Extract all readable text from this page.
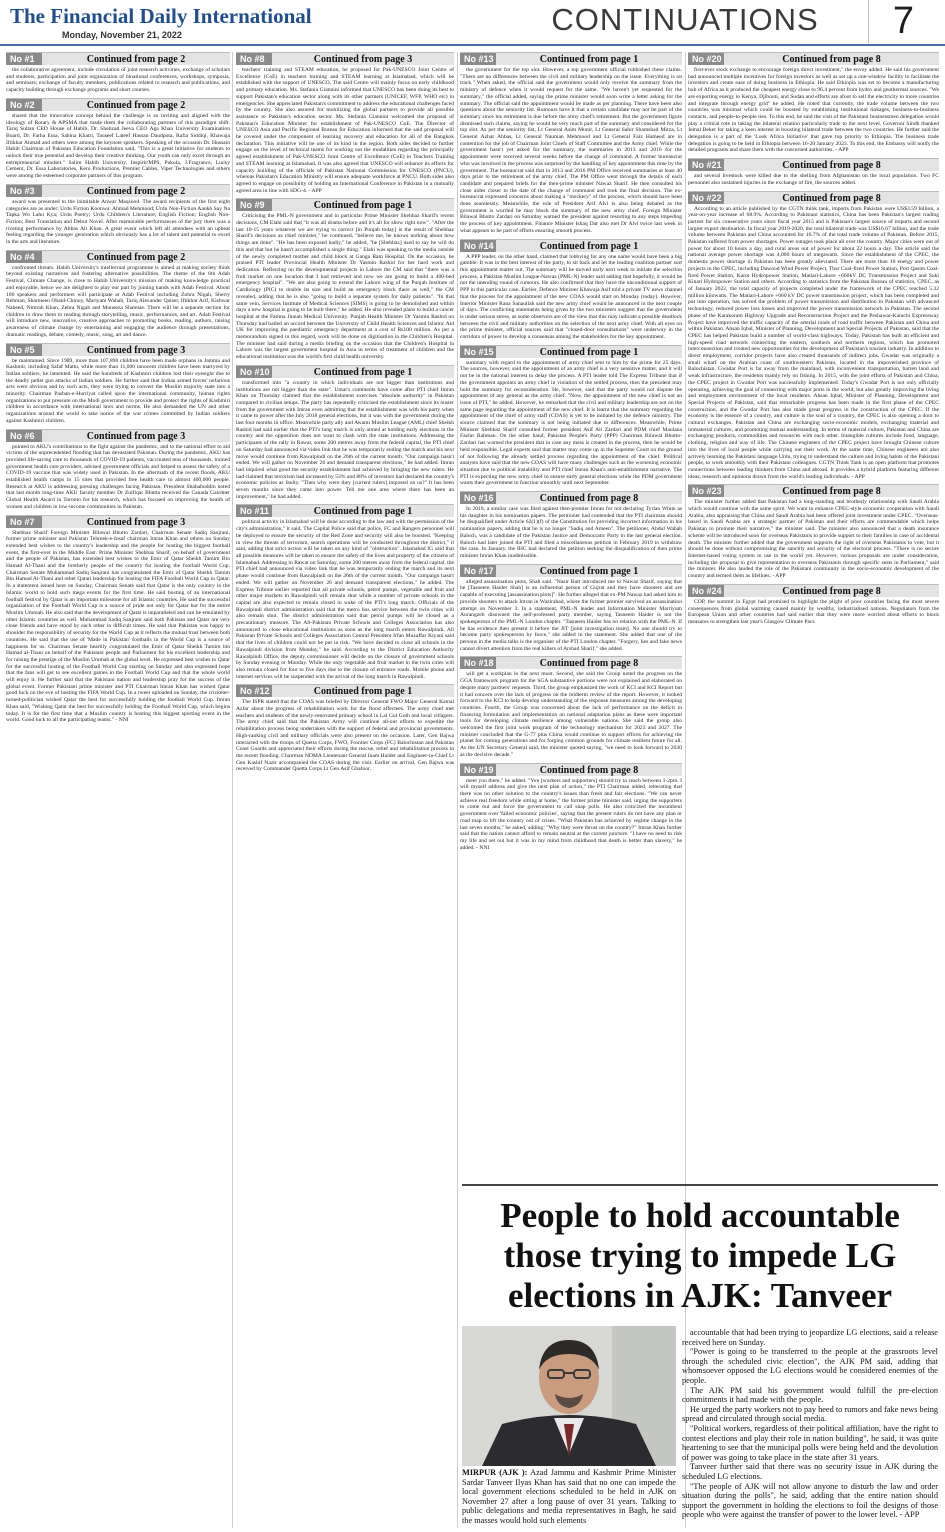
The Financial Daily International
Monday, November 21, 2022	CONTINUATIONS	7
No #1	Continued from page 2

the collaborative agreement, include circulation of joint research activities, exchange of scholars and students, participation and joint organization of binational conferences, workshops, symposia, and seminars; exchange of faculty members, publications related to research and publications, and capacity building through exchange programs and short courses.

No #2	Continued from page 2

shared that the innovative concept behind the challenge is so inviting and aligned with the ideology of Rotary & APSMA that made them the collaborating partners of this paradigm shift. Tariq Sultan CEO House of Habib, Dr. Shehzad Jeeva CEO Aga Khan University Examination Board, Dr. Farha Essa, Sabina Khatri, Tauseef Lateef Hassan Daudpota, Rafia Siddiqi, Khawaja Iftikhar Ahmad and others were among the keynote speakers. Speaking of the occasion Dr. Hussain Habib Chairman of Pakistan Education Foundation said, "This is a great initiative for students to unlock their true potential and develop their creative thinking. Our youth can only excel through an entrepreneurial mindset." Salim Habib University, Inspirit/MPS, Pakola, J.Fragrance, Lucky Cement, Dr. Essa Laboratories, Kero Productions, Premier Cables, Viper Technologies and others were among the esteemed corporate partners of this program.

No #3	Continued from page 2

award was presented to the inimitable Anwar Maqsood. The award recipients of the first eight categories are as under: Urdu Fiction Koonwa: Ahmad Mehmood; Urdu Non-Fiction Aankh Say Na Tapka Wo Lahu Kya; Urdu Poetry; Urdu Children's Literature; English Fiction; English Non-Fiction; Best Translation and Debut Novel. After memorable performances of the jury there was a riveting performance by Abbas Ali Khan. A great event which left all attendees with an upbeat feeling regarding the younger generation which obviously has a lot of talent and potential to excel in the arts and literature.

No #4	Continued from page 2

confronted threats. Habib University's intellectual programme is aimed at making society think beyond existing narratives and fostering alternative possibilities. The theme of the 6th Adab Festival, Climate Change, is close to Habib University's mission of making knowledge practical and enjoyable, hence we are delighted to play our part by joining hands with Adab Festival. About 100 speakers and performers will participate at Adab Festival including Zohra Nigah, Sherry Rehman, Sharmeen Obaid-Chinoy, Mariyam Wahab, Tariq Alexander Qaiser, Iftikhar Arif, Kishwar Naheed, Nimrah Khan, Zehra Nigah and Muneeza Shamsie. There will be a separate section for children to draw them to reading through storytelling, music, performances, and art. Adab Festival will introduce new, innovative, creative approaches to promoting books, reading, authors, raising awareness of climate change by entertaining and engaging the audience through presentations, dramatic readings, debate, comedy, music, song, art and dance.

No #5	Continued from page 3

be maintained. Since 1989, more than 107,890 children have been made orphans in Jammu and Kashmir, including Safaf Mattu, while more than 11,000 innocent children have been martyred by Indian soldiers, he lamented. He said the hundreds of Kashmiri children lost their eyesight due to the deadly pellet gun attacks of Indian soldiers. He further said that Indian armed forces' nefarious acts were obvious and by such acts, they were trying to convert the Muslim majority state into a minority. Chairman Pasban-e-Hurriyat called upon the international community, human rights organizations to put pressure on the Modi government to provide and protect the rights of Kashmiri children in accordance with international laws and norms. He also demanded the UN and other organizations around the world to take notice of the war crimes committed by Indian soldiers against Kashmiri children.

No #6	Continued from page 3

pointed to AKU's contributions to the fight against the pandemic, and to the national effort to aid victims of the unprecedented flooding that has devastated Pakistan. During the pandemic, AKU has provided life-saving care to thousands of COVID-19 patients, vaccinated tens of thousands, trained government health care providers, advised government officials and helped to assess the safety of a COVID-19 vaccine that was widely used in Pakistan. In the aftermath of the recent floods, AKU established health camps in 15 sites that provided free health care to almost 400,000 people. Research at AKU is addressing pressing challenges facing Pakistan. President Shahabuddin noted that last month long-time AKU faculty member Dr Zulfiqar Bhutta received the Canada Gairdner Global Health Award in Toronto for his research, which has focused on improving the health of women and children in low-income communities in Pakistan.

No #7	Continued from page 3

Shehbaz Sharif Foreign Minister Bilawal Bhutto Zardari, Chairman Senate Sadiq Sanjrani, former prime minister and Pakistan Tehreek-e-Insaf chairman Imran Khan and others on Sunday extended best wishes to the country's leadership and the people for hosting the biggest football event, the first-ever in the Middle East. Prime Minister Shehbaz Sharif, on behalf of government and the people of Pakistan, has extended best wishes to the Emir of Qatar Sheikh Tamim Bin Hamad Al-Thani and the brotherly people of the country for hosting the football World Cup. Chairman Senate Muhammad Sadiq Sanjrani has congratulated the Emir of Qatar Sheikh Tamim Bin Hamad Al-Thani and other Qatari leadership for hosting the FIFA Football World Cup in Qatar. In a statement issued here on Sunday, Chairman Senate said that Qatar is the only country in the Islamic world to hold such mega events for the first time. He said hosting of an international football festival by Qatar is an important milestone for all Islamic countries. He said the successful organization of the Football World Cup is a source of pride not only for Qatar but for the entire Muslim Ummah. He also said that the development of Qatar is unparalleled and can be emulated by other Islamic countries as well. Muhammad Sadiq Sanjrani said both Pakistan and Qatar are very close friends and have stood by each other in difficult times. He said that Pakistan was happy to shoulder the responsibility of security for the World Cup as it reflects the mutual trust between both countries. He said that the use of 'Made in Pakistan' footballs in the World Cup is a source of happiness for us. Chairman Senate heartily congratulated the Emir of Qatar Sheikh Tamim bin Hamad al-Thani on behalf of the Pakistani people and Parliament for his excellent leadership and for raising the prestige of the Muslim Ummah at the global level. He expressed best wishes to Qatar for the successful hosting of the Football World Cup starting on Sunday and also expressed hope that the fans will get to see excellent games in the Football World Cup and that the whole world will enjoy it. He further said that the Pakistani nation and leadership pray for the success of the global event. Former Pakistani prime minister and PTI Chairman Imran Khan has wished Qatar good luck on the eve of hosting the FIFA World Cup. In a tweet uploaded on Sunday, the cricketer-turned-politician wished Qatar the best for successfully holding the football World Cup. Imran Khan said, "Wishing Qatar the best for successfully holding the Football World Cup, which begins today. It is for the first time that a Muslim country is hosting this biggest sporting event in the world. Good luck to all the participating teams." - NNI

No #8	Continued from page 3

teachers' training and STEAM education, he proposed for Pak-UNESCO Joint Centre of Excellence (CoE) in teachers training and STEAM learning at Islamabad, which will be established with the support of UNESCO. The said Centre will mainly focus on early childhood and primary education. Ms. Stefania Giannini informed that UNESCO has been doing its best to support Pakistan's education sector along with its other partners (UNICEF, WFP, WHO etc) in emergencies. She appreciated Pakistan's commitment to address the educational challenges faced by the country. She also assured for mobilizing the global partners to provide all possible assistance to Pakistan's education sector. Ms. Stefania Giannini welcomed the proposal of Pakistan's Education Minister for establishment of Pak-UNESCO CoE. The Director of UNESCO Asia and Pacific Regional Bureau for Education informed that the said proposal will be covered under the component of learning recovery and education for all of the Bangkok declaration. This initiative will be one of its kind in the region. Both sides decided to further engage on the level of technical teams for working out the modalities regarding the principally agreed establishment of Pak-UNESCO Joint Centre of Excellence (CoE) in Teachers Training and STEAM learning at Islamabad. It was also agreed that UNESCO will enhance its efforts for capacity building of the officials of Pakistan National Commission for UNESCO (PNCU), whereas Pakistan's Education Ministry will ensure adequate workforce at PNCU. Both sides also agreed to engage on possibility of holding an International Conference in Pakistan in a mutually agreed area in line with SDG-4. - APP

No #9	Continued from page 1

Criticising the PML-N government and in particular Prime Minister Shehbaz Sharif's recent decisions, CM Elahi said that "it was all drama before and it's all for show right now". "After the last 10-15 years whatever we are trying to correct [in Punjab today] is the result of Shehbaz Sharif's decisions as chief minister," he continued, "believe me, he knows nothing about how things are done". "He has been exposed badly," he added, "he [Shehbaz] used to say he will do this and that but he hasn't accomplished a single thing." Elahi was speaking to the media outside of the newly completed mother and child block at Ganga Ram Hospital. On the occasion, he praised PTI leader Provincial Health Minister Dr Yasmin Rashid for her hard work and dedication. Reflecting on the developmental projects in Lahore the CM said that "there was a fruit market on one location that I had retrieved and now we are going to build a 400-bed emergency hospital". "We are also going to extend the Lahore wing of the Punjab Institute of Cardiology (PIC) to double its size and build an emergency block there as well," the CM revealed, adding that he is also "going to build a separate system for daily patients". "In that same vein, Services Institute of Medical Sciences [SIMS] is going to be demolished and within days a new hospital is going to be built there," he added. He also revealed plans to build a cancer hospital at the Fatima Jinnah Medical University. Punjab Health Minister Dr Yasmin Rashid on Thursday had hailed an accord between the University of Child Health Sciences and Islamic Aid UK for improving the paediatric emergency department at a cost of Rs100 million. As per a memorandum signed in this regard, work will be done on digitisation in the Children's Hospital. The minister had said during a media briefing on the occasion that the Children's Hospital in Lahore was the largest government hospital in Asia in terms of treatment of children and the educational institution was the world's first child health university.

No #10	Continued from page 1

transformed into "a country in which individuals are not bigger than institutions and institutions are not bigger than the state". Umar's comments have come after PTI chief Imran Khan on Thursday claimed that the establishment exercises "absolute authority" in Pakistan compared to civilian setups. The party has repeatedly criticised the establishment since its ouster from the government with Imran even admitting that the establishment was with his party when it came to power after the July 2018 general elections, but it was with the government during the last four months in office. Meanwhile party ally and Awami Muslim League (AML) chief Sheikh Rashid had said earlier that the PTI's long march is only aimed at holding early elections in the country and the opposition does not want to clash with the state institutions. Addressing the participants of the rally in Rawat, some 200 metres away from the federal capital, the PTI chief on Saturday had announced via video link that he was temporarily ending the march and his next move would continue from Rawalpindi on the 26th of the current month. "Our campaign hasn't ended. We will gather on November 26 and demand transparent elections," he had added. Imran had inquired what good the security establishment had achieved by bringing the new rulers. He had claimed that terrorism had increased by 53% and 88% of investors had declared the country's economic policies as faulty. "Then why were they [current rulers] imposed on us?" It has been seven months since they came into power. Tell me one area where there has been an improvement," he had added.

No #11	Continued from page 1

political activity in Islamabad will be done according to the law and with the permission of the city's administration," it said. The Capital Police said that police, FC and Rangers personnel will be deployed to ensure the security of the Red Zone and security will also be boosted. "Keeping in view the threats of terrorism, search operations will be conducted throughout the district," it said, adding that strict action will be taken on any kind of "obstruction". Islamabad IG said that all possible measures will be taken to ensure the safety of the lives and property of the citizens of Islamabad. Addressing in Rawat on Saturday, some 200 metres away from the federal capital, the PTI chief had announced via video link that he was temporarily ending the march and its next phase would continue from Rawalpindi on the 26th of the current month. "Our campaign hasn't ended. We will gather on November 26 and demand transparent elections," he added. The Express Tribune earlier reported that all private schools, petrol pumps, vegetable and fruit and other major markets in Rawalpindi will remain shut while a number of private schools in the capital are also expected to remain closed in wake of the PTI's long march. Officials of the Rawalpindi district administration said that the metro bus service between the twin cities will also remain shut. The district administration said that petrol pumps will be closed as a precautionary measure. The All-Pakistan Private Schools and Colleges Association has also announced to close educational institutions as soon as the long march enters Rawalpindi. All Pakistan Private Schools and Colleges Association Central President Irfan Muzaffar Kiyani said that the lives of children could not be put in risk. "We have decided to close all schools in the Rawalpindi division from Monday," he said. According to the District Education Authority Rawalpindi Office, the deputy commissioner will decide on the closure of government schools by Sunday evening or Monday. While the only vegetable and fruit market in the twin cities will also remain closed for four to five days due to the closure of entrance roads. Mobile phone and internet services will be suspended with the arrival of the long march in Rawalpindi.

No #12	Continued from page 1

The ISPR stated that the COAS was briefed by Director General FWO Major General Kamal Azfar about the progress of rehabilitation work for the flood affectees. The army chief met teachers and students of the newly-renovated primary school in Lal Gul Goth and local villagers. The army chief said that the Pakistan Army will continue all-out efforts to expedite the rehabilitation process being undertaken with the support of federal and provincial governments. High-ranking civil and military officials were also present on the occasion. Later, Gen Bajwa interacted with the troops of Quetta Corps, FWO, Frontier Corps (FC) Balochistan and Pakistan Coast Guards and appreciated their efforts during the rescue, relief and rehabilitation process in the recent flooding. Chairman NDMA Lieutenant General Inam Haider and Engineer-in-Chief Lt Gen Kashif Nazir accompanied the COAS during the visit. Earlier on arrival, Gen Bajwa was received by Commander Quetta Corps Lt Gen Asif Ghafoor.

No #13	Continued from page 1

the government for the top slot. However, a top government official rubbished these claims. "There are no differences between the civil and military leadership on the issue. Everything is on track." When asked, the official said the government would only receive the summary from the ministry of defence when it would request for the same. "We haven't yet requested for the summary," the official added, saying the prime minister would soon write a letter asking for the summary. The official said the appointment would be made as per planning. There have been also questions about the seniority list. Rumours have it that a certain candidate may not be part of the summary since his retirement is due before the army chief's retirement. But the government figure dismissed such claims, saying he would be very much part of the summary and considered for the top slot. As per the seniority list, Lt General Asim Munir, Lt General Sahir Shamshad Mirza, Lt General Azhar Abbas, Lt General Nauman Mehmood and Lt General Faiz Hameed are in contention for the job of Chairman Joint Chiefs of Staff Committee and the Army chief. While the government hasn't yet asked for the summary, the summaries in 2013 and 2016 for the appointment were received several weeks before the change of command. A former bureaucrat who was involved in the process was surprised by the handling of key appointment this time by the government. The bureaucrat said that in 2013 and 2016 PM Office received summaries at least 40 days prior to the retirement of the army chief. The PM Office went through the details of each candidate and prepared briefs for the then-prime minister Nawaz Sharif. He then consulted his close aides closer to the date of the change of command and took the final decision. The ex-bureaucrat expressed concerns about making a "mockery" of the process, which should have been done seamlessly. Meanwhile, the role of President Arif Alvi is also being debated as the government is worried he may block the summary of the new army chief. Foreign Minister Bilawal Bhutto Zardari on Saturday warned the president against resorting to any steps impeding the process of key appointment. Finance Minister Ishaq Dar also met Dr Alvi twice last week in what appears to be part of efforts ensuring smooth process.

No #14	Continued from page 1

A PPP leader, on the other hand, claimed that lobbying for any one name would have been a big gamble. It was in the best interest of the party, to sit back and let the leading coalition partner sort this appointment matter out. The summary will be moved early next week to initiate the selection process, a Pakistan Muslim League-Nawaz (PML-N) leader said adding that hopefully, it would be not the unending round of rumours. He also confirmed that they have the unconditional support of PPP in this particular case. Earlier, Defence Minister Khawaja Asif told a private TV news channel that the process for the appointment of the new COAS would start on Monday (today). However, Interior Minister Rana Sanaullah said the new army chief would be announced in the next couple of days. The conflicting statements being given by the two ministers suggest that the government is under serious stress, as some observers are of the view that this may indicate a possible deadlock between the civil and military authorities on the selection of the next army chief. With all eyes on the prime minister, official sources said that "closed-door consultations" were underway in the corridors of power to develop a consensus among the stakeholders for the key appointment.

No #15	Continued from page 1

summary with regard to the appointment of army chief sent to him by the prime for 25 days. The sources, however, said the appointment of an army chief is a very sensitive matter, and it will not be in the national interest to delay the process. A PTI leader told The Express Tribune that if the government appoints an army chief in violation of the settled process, then the president may hold the summary for reconsideration. He, however, said that the party would not dispute the appointment of any general as the army chief. "Now, the appointment of the new chief is not an issue of PTI," he added. However, he remarked that the civil and military leadership are not on the same page regarding the appointment of the new chief. It is learnt that the summary regarding the appointment of the chief of army staff (COAS) is yet to be initiated by the defence ministry. The source claimed that the summary is not being initiated due to differences. Meanwhile, Prime Minister Shehbaz Sharif consulted former president Asif Ali Zardari and PDM chief Maulana Fazlur Rahman. On the other hand, Pakistan People's Party (PPP) Chairman Bilawal Bhutto-Zardari has warned the president that in case any mess is created in the process, then he would be held responsible. Legal experts said that matter may come up in the Supreme Court on the ground of not following the already settled process regarding the appointment of the chief. Political analysts have said that the new COAS will have many challenges such as the worsening economic situation due to political instability and PTI chief Imran Khan's anti-establishment narrative. The PTI is expecting the new army chief to ensure early general elections while the PDM government wants their government to function smoothly until next September.

No #16	Continued from page 8

In 2018, a similar case was filed against then-premier Imran for not declaring Tyrian White as his daughter in his nomination papers. The petitioner had contended that the PTI chairman should be disqualified under Article 62(1)(f) of the Constitution for providing incorrect information in his nomination papers, adding that he is no longer "Sadiq and Ameen". The petitioner, Abdul Wahab Baloch, was a candidate of the Pakistan Justice and Democratic Party in the last general election. Baloch had later joined the PTI and filed a miscellaneous petition in February 2019 to withdraw the case. In January, the IHC had declared the petition seeking the disqualification of then prime minister Imran Khan inadmissible.

No #17	Continued from page 1

alleged assassination plots, Shah said. "Nasir Butt introduced me to Nawaz Sharif, saying that he [Tasneem Haider Shah] is an influential person of Gujrat and they have shooters and are capable of executing [assassination plots]". He further alleged that ex-PM Nawaz had asked him to provide shooters to attack Imran in Wazirabad, where the former premier survived an assassination attempt on November 3. In a statement, PML-N leader and Information Minister Marriyum Aurangzeb disowned the self-professed party member, saying Tasneem Haider is not the spokesperson of the PML-N London chapter. "Tasneem Haider has no relation with the PML-N. If he has evidence then present it before the JIT [joint investigation team]. No one should try to become party spokesperson by force," she added in the statement. She added that one of the persons in the media talks is the organiser of the PTI London chapter. "Forgery, lies and fake news cannot divert attention from the real killers of Arshad Sharif," she added.

No #18	Continued from page 8

will get a workplan in the next moot. Second, she said the Group noted the progress on the GGA framework program for the SGA substantive portions were not explained and elaborated on despite many partners' requests. Third, the group emphasized the work of KCI and KCI Report but it had concern over the lack of progress on the midterm review of the report. However, it looked forward to the KCI to help develop understanding of the response measures among the developing countries. Fourth, the Group was concerned about the lack of performance on the deficit in financing formulation and implementation on national adaptation plans as these were important tools for developing climate resilience among vulnerable nations. She said the group also welcomed the first joint work program of the technology mechanism for 2023 and 2027. The minister concluded that the G-77 plus China would continue to support efforts for achieving the planet for coming generations and for forging common grounds for climate resilient future for all. As the UN Secretary General said, the minister quoted saying, "we need to look forward to 2030 as the decisive decade."

No #19	Continued from page 8

meet you there," he added. "You [workers and supporters] should try to reach between 1-2pm. I will myself address and give the next plan of action," the PTI Chairman added, reiterating that there was no other solution to the country's issues than fresh and fair elections. "We can never achieve real freedom while sitting at home," the former prime minister said, urging the supporters to come out and force the government to call snap polls. He also criticized the incumbent government over 'failed economic policies', saying that the present rulers do not have any plan or road map to lift the country out of crises. "What Pakistan has achieved by regime change in the last seven months," he asked, adding: "Why they were thrust on the country?" Imran Khan further said that the nation cannot afford to remain neutral at the current juncture. "I have no need to risk my life and set out but it was in my mind from childhood that death is better than slavery," he added. - NNI

No #20	Continued from page 8

first-ever stock exchange to encourage foreign direct investment," the envoy added. He said his government had announced multiple incentives for foreign investors as well as set up a one-window facility to facilitate the investors and create ease of doing business in Ethiopia. He said Ethiopia was set to become a manufacturing hub of Africa as it produced the cheapest energy close to 96.4 percent from hydro and geothermal sources. "We are exporting energy to Kenya, Djibouti, and Sudan and efforts are afoot to sell the electricity to more countries and integrate through energy grid" he added. He noted that currently, the trade volume between the two countries was minimal which could be boosted by establishing institutional linkages, business-to-business contacts, and people-to-people ties. To this end, he said the visit of the Pakistani businessmen delegation would play a critical role in taking the bilateral relation particularly trade to the next level. Governor Sindh thanked Jemal Beker for taking a keen interest in boosting bilateral trade between the two countries. He further said the delegation is a part of the 'Look Africa Initiative' that gave top priority to Ethiopia. The business trade delegation is going to be held in Ethiopia between 16-20 January 2023. To this end, the Embassy will notify the detailed programs and share them with the concerned authorities. - APP

No #21	Continued from page 8

and several livestock were killed due to the shelling from Afghanistan on the local population. Two FC personnel also sustained injuries in the exchange of fire, the sources added.

No #22	Continued from page 8

According to an article published by the CGTN think tank, imports from Pakistan were US$3.59 billion, a year-on-year increase of 68.9%. According to Pakistani statistics, China has been Pakistan's largest trading partner for six consecutive years since fiscal year 2015 and is Pakistan's largest source of imports and second largest export destination. In fiscal year 2019-2020, the total bilateral trade was US$16.67 billion, and the trade volume between Pakistan and China accounted for 16.7% of the total trade volume of Pakistan. Before 2015, Pakistan suffered from power shortages. Power outages took place all over the country. Major cities were out of power for about 10 hours a day, and rural areas out of power for about 22 hours a day. The article said the national average power shortage was 4,000 hours of megawatts. Since the establishment of the CPEC, the domestic power shortage in Pakistan has been greatly alleviated. There are more than 10 energy and power projects in the CPEC, including Dawood Wind Power Project, Thar Coal-fired Power Station, Port Qasim Coal-fired Power Station, Karot Hydropower Station, Matiari-Lahore +660kV DC Transmission Project and Suki Kinari Hydropower Station and others. According to statistics from the Pakistan Bureau of statistics, CPEC, as of January 2022, the total capacity of projects completed under the framework of the CPEC reached 5.32 million kilowatts. The Matiari-Lahore +660 kV DC power transmission project, which has been completed and put into operation, has solved the problem of power transmission and distribution in Pakistan with advanced technology, reduced power loss losses and improved the power transmission network in Pakistan. The second phase of the Karakoram Highway Upgrade and Reconstruction Project and the Peshawar-Karachi Expressway Project have improved the traffic capacity of the arterial roads of road traffic between Pakistan and China and within Pakistan. Ahsan Iqbal, Minister of Planning, Development and Special Projects of Pakistan, said that the CPEC has helped Pakistan build a number of world-class highways. Today, Pakistan has built an efficient and high-speed road network connecting the eastern, southern and northern regions, which has promoted interconnection and created new opportunities for the development of Pakistan's tourism industry. In addition to direct employment, corridor projects have also created thousands of indirect jobs. Gwadar was originally a small wharf on the Arabian coast of southwestern Pakistan, located in the impoverished province of Balochistan. Gwadar Port is far away from the mainland, with inconvenient transportation, barren land and weak infrastructure, the residents mainly rely on fishing. In 2015, with the joint efforts of Pakistan and China, the CPEC project in Gwadar Port was successfully implemented. Today's Gwadar Port is not only officially operating, achieving the goal of connecting with major ports in the world, but also greatly improving the living and employment environment of the local residents. Ahsan Iqbal, Minister of Planning, Development and Special Projects of Pakistan, said that remarkable progress has been made in the first phase of the CPEC construction, and the Gwadar Port has also made great progress in the construction of the CPEC. If the economy is the essence of a country, and culture is the soul of a country, the CPEC is also opening a door to cultural exchanges. Pakistan and China are exchanging socio-economic models, exchanging material and immaterial cultures, and promoting mutual understanding. In terms of material culture, Pakistan and China are exchanging products, commodities and resources with each other. Intangible cultures include food, language, clothing, religion and way of life. The Chinese engineers of the CPEC project have brought Chinese culture into the lives of local people while carrying out their work. At the same time, Chinese engineers are also actively learning the Pakistani language Urdu, trying to understand the culture and living habits of the Pakistani people, to work smoothly with their Pakistani colleagues. CGTN Think Tank is an open platform that promotes connections between leading thinkers from China and abroad. It provides a hybrid platform featuring different ideas, research and opinions drawn from the world's leading individuals. - APP

No #23	Continued from page 8

The minister further added that Pakistan had a long-standing and brotherly relationship with Saudi Arabia which would continue with the same spirit. We want to enhance CPEC-style economic cooperation with Saudi Arabia, also appraising that China and Saudi Arabia had been offered joint investment under CPEC. "Overseas-based in Saudi Arabia are a strategic partner of Pakistan and their efforts are commendable which helps Pakistan to promote their narrative," the minister said. The minister also announced that a death insurance scheme will be introduced soon for overseas Pakistanis to provide support to their families in case of accidental death. The minister further added that the government supports the right of overseas Pakistanis to vote, but it should be done without compromising the sanctity and security of the electoral process. "There is no secure Internet-based voting system in use in the world yet. However, various proposals are under consideration, including the proposal to give representation to overseas Pakistanis through specific seats in Parliament," said the minister. He also lauded the role of the Pakistani community in the socio-economic development of the country and termed them as lifelines. - APP

No #24	Continued from page 8

COP, the summit in Egypt had promised to highlight the plight of poor countries facing the most severe consequences from global warming caused mainly by wealthy, industrialised nations. Negotiators from the European Union and other countries had said earlier that they were more worried about efforts to block measures to strengthen last year's Glasgow Climate Pact.

People to hold accountable those trying to impede LG elections in AJK: Tanveer
MIRPUR (AJK ): Azad Jammu and Kashmir Prime Minister Sardar Tanveer Ilyas Khan has said that no one can impede the local government elections scheduled to be held in AJK on November 27 after a long pause of over 31 years. Talking to public delegations and media representatives in Bagh, he said the masses would hold such elements

accountable that had been trying to jeopardize LG elections, said a release received here on Sunday.

"Power is going to be transferred to the people at the grassroots level through the scheduled civic election", the AJK PM said, adding that whomsoever opposed the LG elections would be considered enemies of the people.

The AJK PM said his government would fulfill the pre-election commitments it had made with the people.

He urged the party workers not to pay heed to rumors and fake news being spread and circulated through social media.

"Political workers, regardless of their political affiliation, have the right to contest elections and play their role in nation building", he said, it was quite heartening to see that the municipal polls were being held and the devolution of power was going to take place in the state after 31 years.

Tanveer further said that there was no security issue in AJK during the scheduled LG elections.

"The people of AJK will not allow anyone to disturb the law and order situation during the polls", he said, adding that the entire nation should support the government in holding the elections to foil the designs of those people who were against the transfer of power to the lower level. - APP
